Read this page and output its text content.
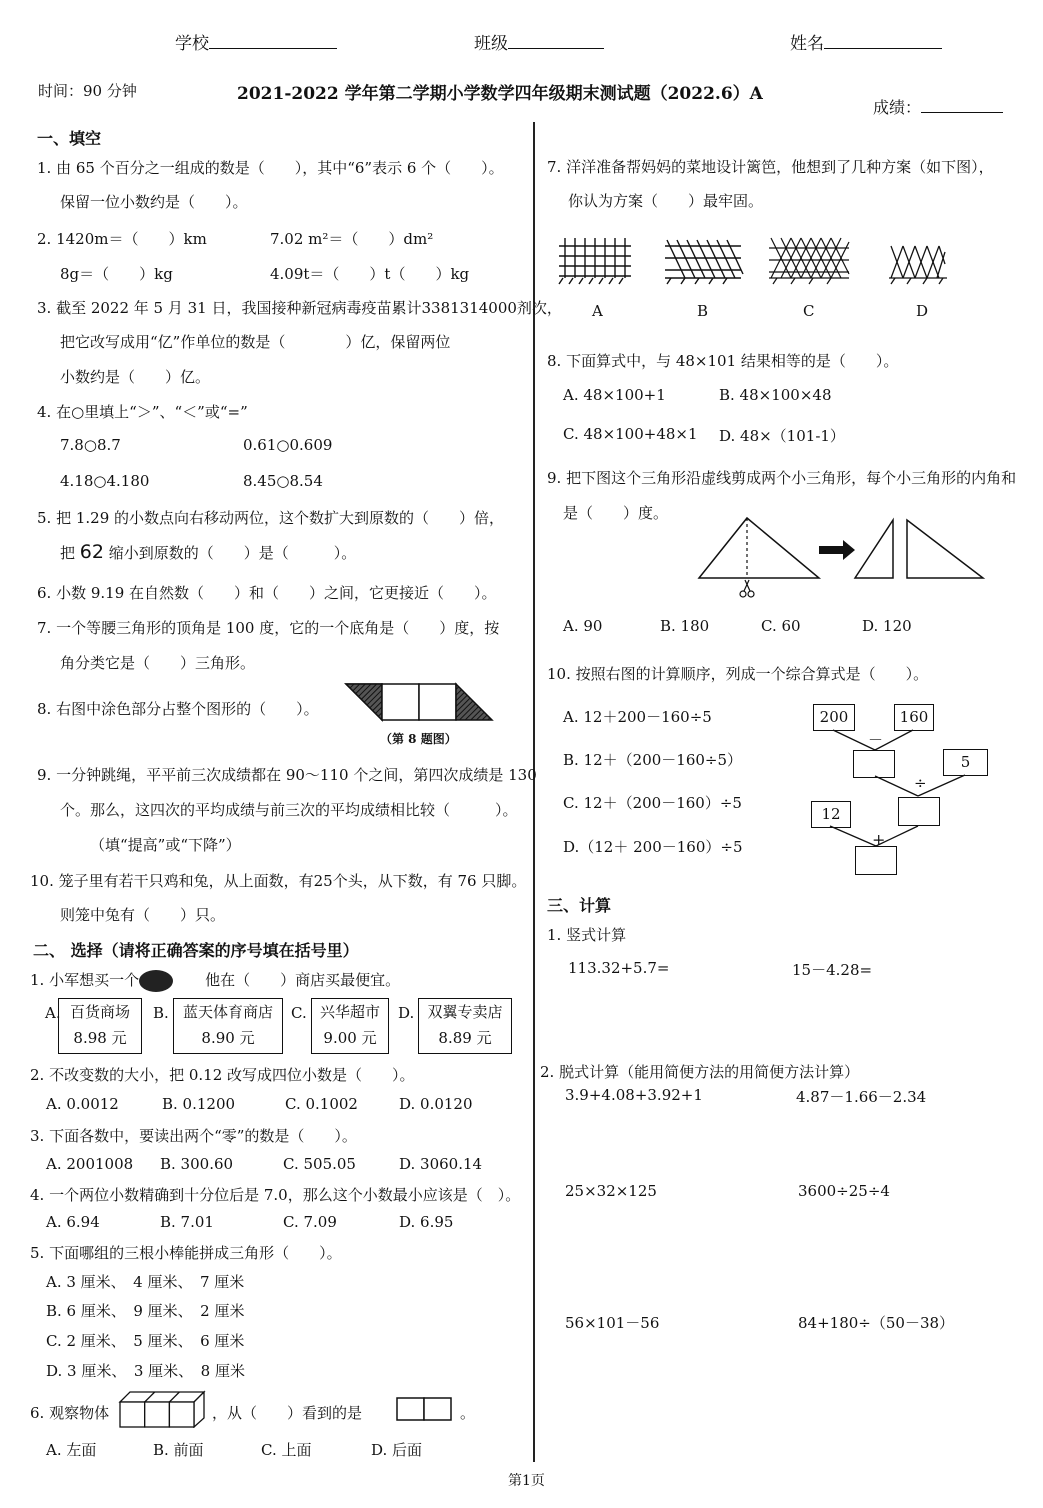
学校	班级	姓名
时间：90 分钟	2021-2022 学年第二学期小学数学四年级期末测试题（2022.6）A
成绩：
一、填空
1. 由 65 个百分之一组成的数是（　　），其中“6”表示 6 个（　　）。
保留一位小数约是（　　）。
2. 1420m＝（　　）km	7.02 m²＝（　　）dm²
8g＝（　　）kg	4.09t＝（　　）t（　　）kg
3. 截至 2022 年 5 月 31 日，我国接种新冠病毒疫苗累计3381314000剂次，
把它改写成用“亿”作单位的数是（　　　　）亿，保留两位
小数约是（　　）亿。
4. 在○里填上“＞”、“＜”或“=”
7.8○8.7	0.61○0.609
4.18○4.180	8.45○8.54
5. 把 1.29 的小数点向右移动两位，这个数扩大到原数的（　　）倍，
把 62 缩小到原数的（　　）是（　　　）。
6. 小数 9.19 在自然数（　　）和（　　）之间，它更接近（　　）。
7. 一个等腰三角形的顶角是 100 度，它的一个底角是（　　）度，按
角分类它是（　　）三角形。
8. 右图中涂色部分占整个图形的（　　）。
（第 8 题图）
9. 一分钟跳绳，平平前三次成绩都在 90～110 个之间，第四次成绩是 130
个。那么，这四次的平均成绩与前三次的平均成绩相比较（　　　）。
（填“提高”或“下降”）
10. 笼子里有若干只鸡和兔，从上面数，有25个头，从下数，有 76 只脚。
则笼中兔有（　　）只。
二、 选择（请将正确答案的序号填在括号里）
1. 小军想买一个	他在（　　）商店买最便宜。
A. 百货商场
8.98 元
B. 蓝天体育商店
8.90 元
C. 兴华超市
9.00 元
D. 双翼专卖店
8.89 元
2. 不改变数的大小，把 0.12 改写成四位小数是（　　）。
A. 0.0012	B. 0.1200	C. 0.1002	D. 0.0120
3. 下面各数中，要读出两个“零”的数是（　　）。
A. 2001008 B. 300.60	C. 505.05	D. 3060.14
4. 一个两位小数精确到十分位后是 7.0，那么这个小数最小应该是（　）。
A. 6.94	B. 7.01	C. 7.09	D. 6.95
5. 下面哪组的三根小棒能拼成三角形（　　）。
A. 3 厘米、　4 厘米、　7 厘米
B. 6 厘米、　9 厘米、　2 厘米
C. 2 厘米、　5 厘米、　6 厘米
D. 3 厘米、　3 厘米、　8 厘米
6. 观察物体	，从（　　）看到的是	。
A. 左面	B. 前面	C. 上面	D. 后面
7. 洋洋准备帮妈妈的菜地设计篱笆，他想到了几种方案（如下图），
你认为方案（　　）最牢固。
A	B	C	D
8. 下面算式中，与 48×101 结果相等的是（　　）。
A. 48×100+1	B. 48×100×48
C. 48×100+48×1 D. 48×（101-1）
9. 把下图这个三角形沿虚线剪成两个小三角形，每个小三角形的内角和
是（　　）度。
A. 90	B. 180	C. 60	D. 120
10. 按照右图的计算顺序，列成一个综合算式是（　　）。
A. 12＋200－160÷5
B. 12＋（200－160÷5）
C. 12＋（200－160）÷5
D.（12＋ 200－160）÷5
200	160
－
5
÷
12
+
三、计算
1. 竖式计算
113.32+5.7=	15－4.28=
2. 脱式计算（能用简便方法的用简便方法计算）
3.9+4.08+3.92+1	4.87－1.66－2.34
25×32×125	3600÷25÷4
56×101－56	84+180÷（50－38）
第1页
